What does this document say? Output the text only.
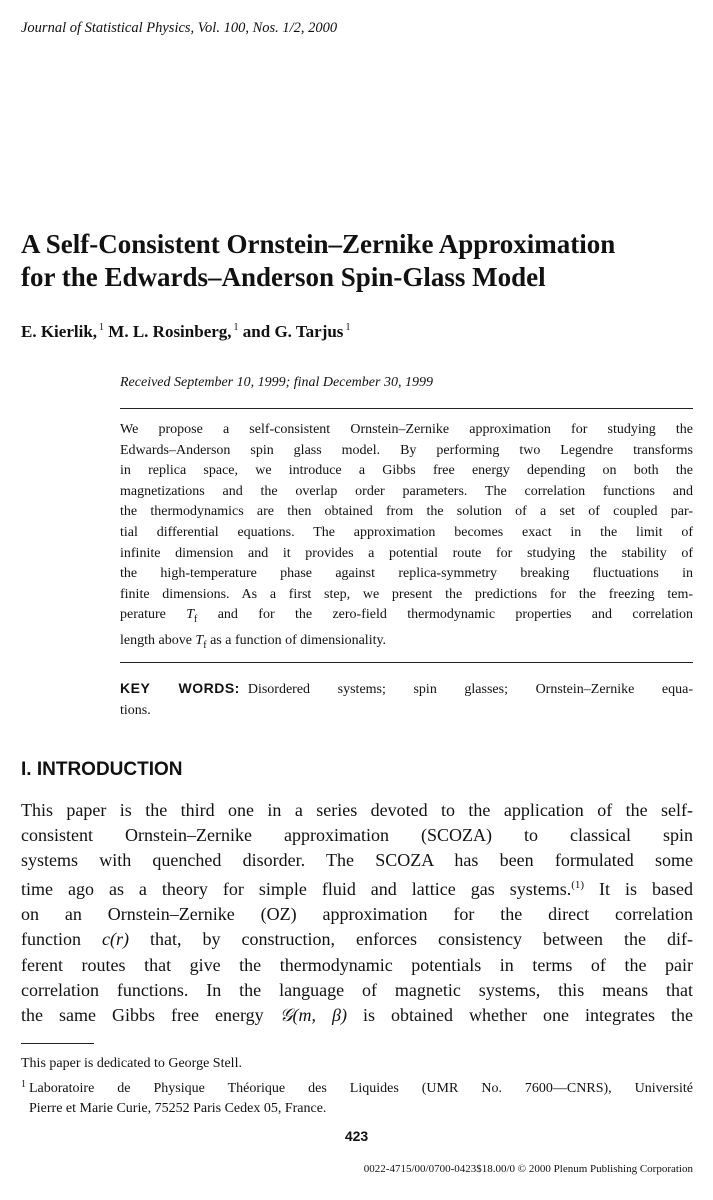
Journal of Statistical Physics, Vol. 100, Nos. 1/2, 2000
A Self-Consistent Ornstein–Zernike Approximation
for the Edwards–Anderson Spin-Glass Model
E. Kierlik, $^1$ M. L. Rosinberg, $^1$ and G. Tarjus $^1$
Received September 10, 1999; final December 30, 1999
We propose a self-consistent Ornstein–Zernike approximation for studying the
Edwards–Anderson spin glass model. By performing two Legendre transforms
in replica space, we introduce a Gibbs free energy depending on both the
magnetizations and the overlap order parameters. The correlation functions and
the thermodynamics are then obtained from the solution of a set of coupled par-
tial differential equations. The approximation becomes exact in the limit of
infinite dimension and it provides a potential route for studying the stability of
the high-temperature phase against replica-symmetry breaking fluctuations in
finite dimensions. As a first step, we present the predictions for the freezing tem-
perature $T_f$ and for the zero-field thermodynamic properties and correlation
length above $T_f$ as a function of dimensionality.
KEY WORDS: Disordered systems; spin glasses; Ornstein–Zernike equa-
tions.
I. INTRODUCTION
This paper is the third one in a series devoted to the application of the self-
consistent Ornstein–Zernike approximation (SCOZA) to classical spin
systems with quenched disorder. The SCOZA has been formulated some
time ago as a theory for simple fluid and lattice gas systems.$^{(1)}$ It is based
on an Ornstein–Zernike (OZ) approximation for the direct correlation
function c(r) that, by construction, enforces consistency between the dif-
ferent routes that give the thermodynamic potentials in terms of the pair
correlation functions. In the language of magnetic systems, this means that
the same Gibbs free energy 𝒢(m, β) is obtained whether one integrates the
This paper is dedicated to George Stell.
$^1$ Laboratoire de Physique Théorique des Liquides (UMR No. 7600—CNRS), Université
Pierre et Marie Curie, 75252 Paris Cedex 05, France.
423
0022-4715/00/0700-0423$18.00/0 © 2000 Plenum Publishing Corporation
